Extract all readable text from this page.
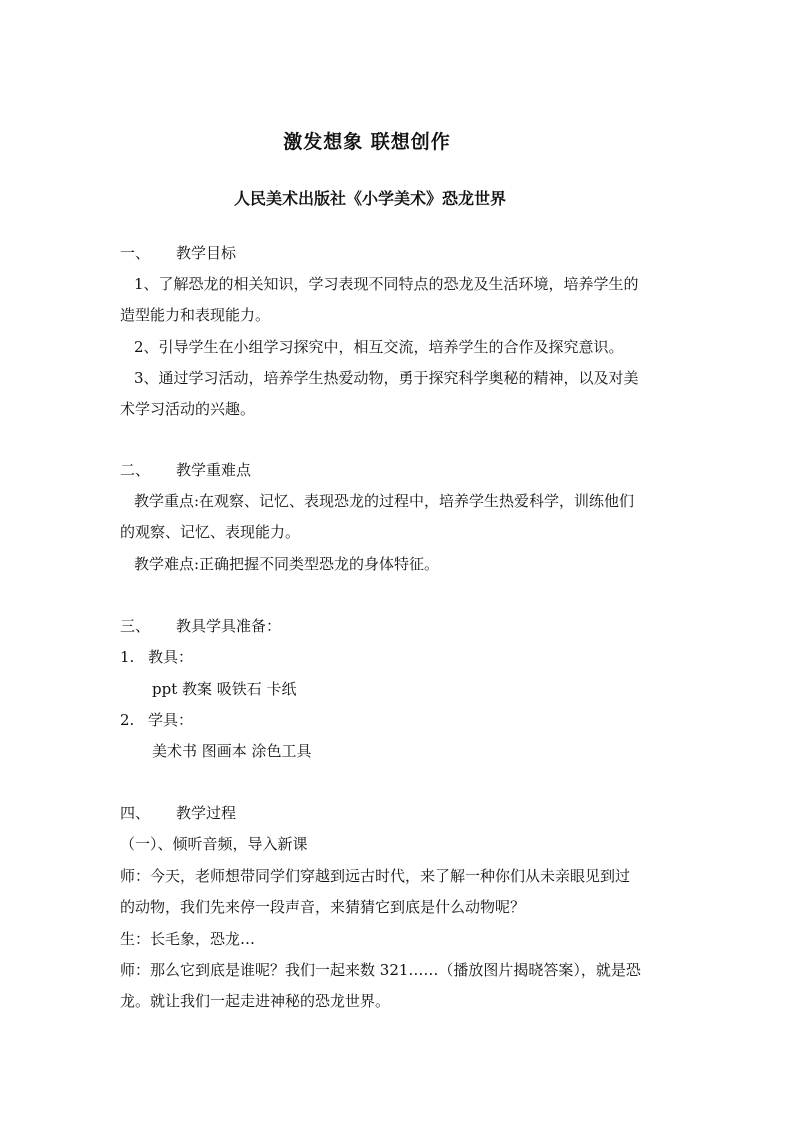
激发想象 联想创作
人民美术出版社《小学美术》恐龙世界
一、 教学目标
1、了解恐龙的相关知识，学习表现不同特点的恐龙及生活环境，培养学生的
造型能力和表现能力。
2、引导学生在小组学习探究中，相互交流，培养学生的合作及探究意识。
3、通过学习活动，培养学生热爱动物，勇于探究科学奥秘的精神，以及对美
术学习活动的兴趣。
二、 教学重难点
教学重点:在观察、记忆、表现恐龙的过程中，培养学生热爱科学，训练他们
的观察、记忆、表现能力。
教学难点:正确把握不同类型恐龙的身体特征。
三、 教具学具准备：
1. 教具：
ppt 教案 吸铁石 卡纸
2. 学具：
美术书 图画本 涂色工具
四、 教学过程
（一）、倾听音频，导入新课
师：今天，老师想带同学们穿越到远古时代，来了解一种你们从未亲眼见到过
的动物，我们先来停一段声音，来猜猜它到底是什么动物呢？
生：长毛象，恐龙…
师：那么它到底是谁呢？我们一起来数 321……（播放图片揭晓答案），就是恐
龙。就让我们一起走进神秘的恐龙世界。
